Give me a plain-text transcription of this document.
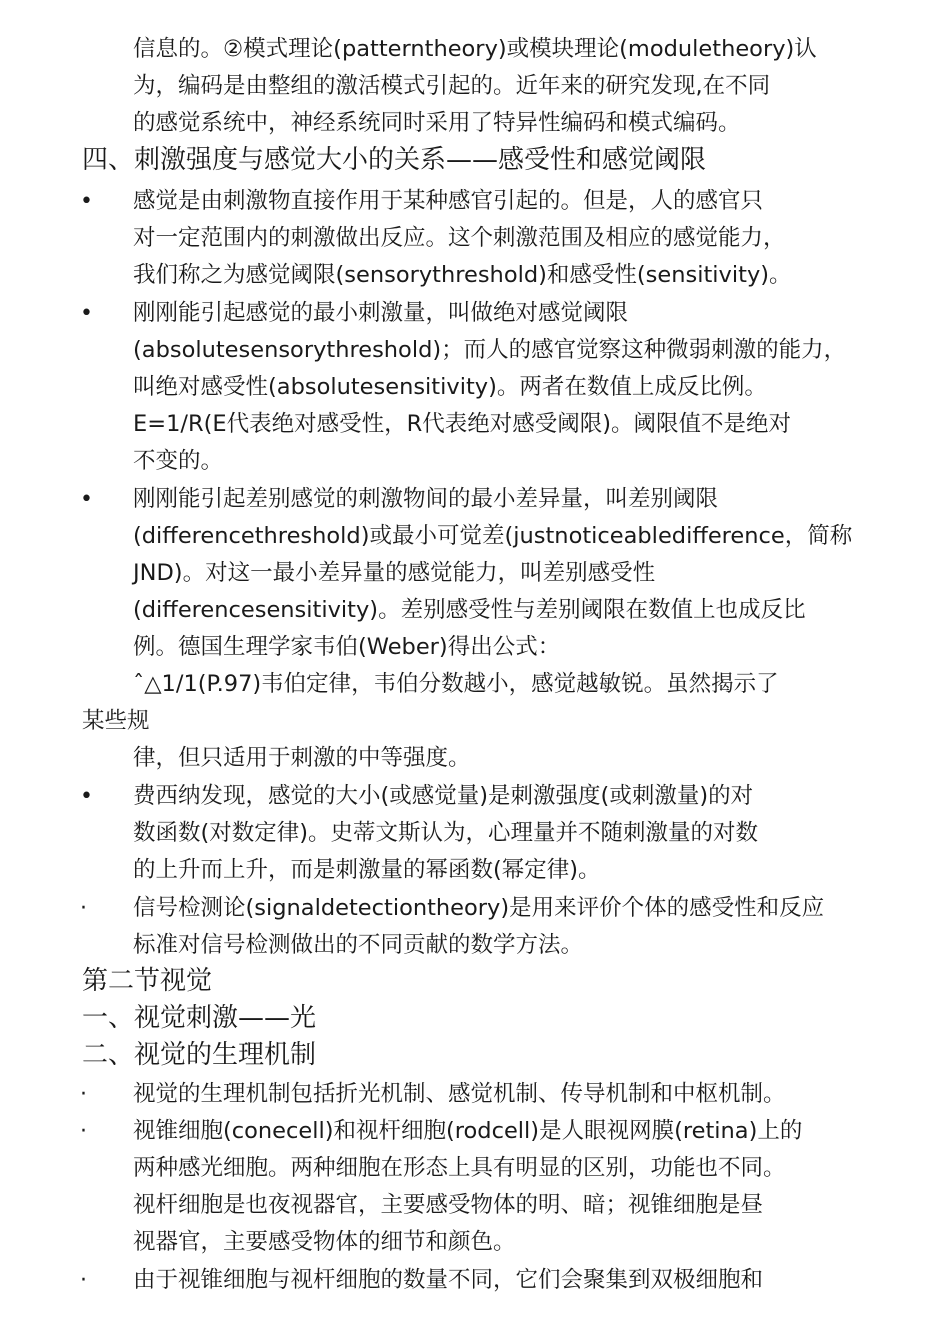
信息的。②模式理论(patterntheory)或模块理论(moduletheory)认
为，编码是由整组的激活模式引起的。近年来的研究发现,在不同
的感觉系统中，神经系统同时采用了特异性编码和模式编码。
四、刺激强度与感觉大小的关系——感受性和感觉阈限
• 感觉是由刺激物直接作用于某种感官引起的。但是，人的感官只
对一定范围内的刺激做出反应。这个刺激范围及相应的感觉能力，
我们称之为感觉阈限(sensorythreshold)和感受性(sensitivity)。
• 刚刚能引起感觉的最小刺激量，叫做绝对感觉阈限
(absolutesensorythreshold)；而人的感官觉察这种微弱刺激的能力，
叫绝对感受性(absolutesensitivity)。两者在数值上成反比例。
E=1/R(E代表绝对感受性，R代表绝对感受阈限)。阈限值不是绝对
不变的。
• 刚刚能引起差别感觉的刺激物间的最小差异量，叫差别阈限
(differencethreshold)或最小可觉差(justnoticeabledifference，简称
JND)。对这一最小差异量的感觉能力，叫差别感受性
(differencesensitivity)。差别感受性与差别阈限在数值上也成反比
例。德国生理学家韦伯(Weber)得出公式：
ˆ△1/1(P.97)韦伯定律，韦伯分数越小，感觉越敏锐。虽然揭示了
某些规
律，但只适用于刺激的中等强度。
• 费西纳发现，感觉的大小(或感觉量)是刺激强度(或刺激量)的对
数函数(对数定律)。史蒂文斯认为，心理量并不随刺激量的对数
的上升而上升，而是刺激量的幂函数(幂定律)。
· 信号检测论(signaldetectiontheory)是用来评价个体的感受性和反应
标准对信号检测做出的不同贡献的数学方法。
第二节视觉
一、视觉刺激——光
二、视觉的生理机制
· 视觉的生理机制包括折光机制、感觉机制、传导机制和中枢机制。
· 视锥细胞(conecell)和视杆细胞(rodcell)是人眼视网膜(retina)上的
两种感光细胞。两种细胞在形态上具有明显的区别，功能也不同。
视杆细胞是也夜视器官，主要感受物体的明、暗；视锥细胞是昼
视器官，主要感受物体的细节和颜色。
· 由于视锥细胞与视杆细胞的数量不同，它们会聚集到双极细胞和
